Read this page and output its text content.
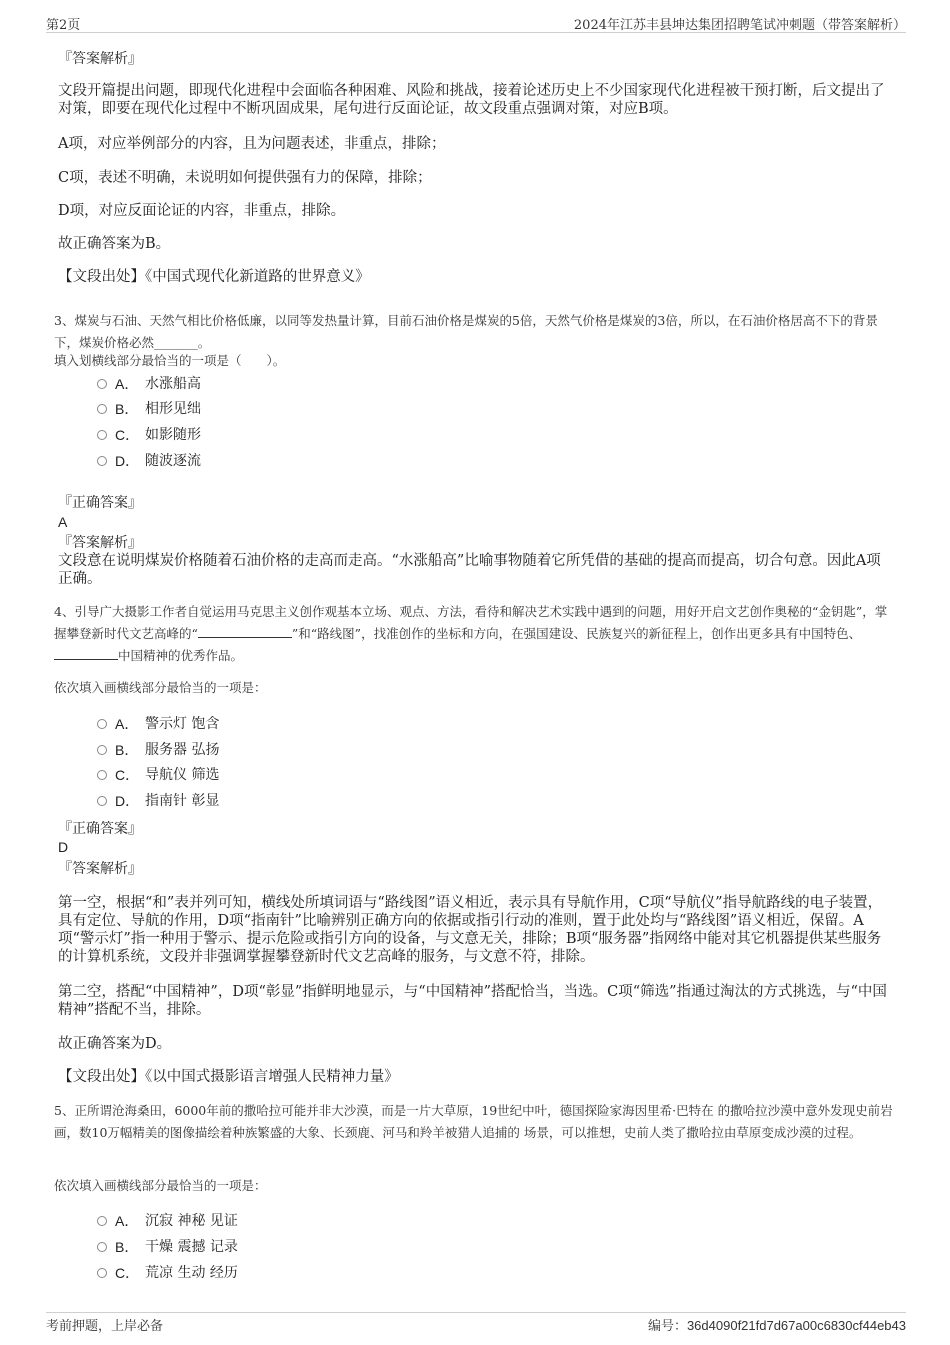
第2页	2024年江苏丰县坤达集团招聘笔试冲刺题（带答案解析）
『答案解析』
文段开篇提出问题，即现代化进程中会面临各种困难、风险和挑战，接着论述历史上不少国家现代化进程被干预打断，后文提出了对策，即要在现代化过程中不断巩固成果，尾句进行反面论证，故文段重点强调对策，对应B项。
A项，对应举例部分的内容，且为问题表述，非重点，排除；
C项，表述不明确，未说明如何提供强有力的保障，排除；
D项，对应反面论证的内容，非重点，排除。
故正确答案为B。
【文段出处】《中国式现代化新道路的世界意义》
3、煤炭与石油、天然气相比价格低廉，以同等发热量计算，目前石油价格是煤炭的5倍，天然气价格是煤炭的3倍，所以，在石油价格居高不下的背景下，煤炭价格必然_______。
填入划横线部分最恰当的一项是（　　）。
A． 水涨船高
B． 相形见绌
C． 如影随形
D． 随波逐流
『正确答案』
A
『答案解析』
文段意在说明煤炭价格随着石油价格的走高而走高。“水涨船高”比喻事物随着它所凭借的基础的提高而提高，切合句意。因此A项正确。
4、引导广大摄影工作者自觉运用马克思主义创作观基本立场、观点、方法，看待和解决艺术实践中遇到的问题，用好开启文艺创作奥秘的“金钥匙”，掌握攀登新时代文艺高峰的“	”和“路线图”，找准创作的坐标和方向，在强国建设、民族复兴的新征程上，创作出更多具有中国特色、中国精神的优秀作品。
依次填入画横线部分最恰当的一项是：
A． 警示灯 饱含
B． 服务器 弘扬
C． 导航仪 筛选
D． 指南针 彰显
『正确答案』
D
『答案解析』
第一空，根据“和”表并列可知，横线处所填词语与“路线图”语义相近，表示具有导航作用，C项“导航仪”指导航路线的电子装置，具有定位、导航的作用，D项“指南针”比喻辨别正确方向的依据或指引行动的准则，置于此处均与“路线图”语义相近，保留。A项“警示灯”指一种用于警示、提示危险或指引方向的设备，与文意无关，排除；B项“服务器”指网络中能对其它机器提供某些服务的计算机系统，文段并非强调掌握攀登新时代文艺高峰的服务，与文意不符，排除。
第二空，搭配“中国精神”，D项“彰显”指鲜明地显示，与“中国精神”搭配恰当，当选。C项“筛选”指通过淘汰的方式挑选，与“中国精神”搭配不当，排除。
故正确答案为D。
【文段出处】《以中国式摄影语言增强人民精神力量》
5、正所谓沧海桑田，6000年前的撒哈拉可能并非大沙漠，而是一片大草原，19世纪中叶，德国探险家海因里希·巴特在 的撒哈拉沙漠中意外发现史前岩画，数10万幅精美的图像描绘着种族繁盛的大象、长颈鹿、河马和羚羊被猎人追捕的 场景，可以推想，史前人类了撒哈拉由草原变成沙漠的过程。
依次填入画横线部分最恰当的一项是：
A． 沉寂 神秘 见证
B． 干燥 震撼 记录
C． 荒凉 生动 经历
考前押题，上岸必备	编号：36d4090f21fd7d67a00c6830cf44eb43
